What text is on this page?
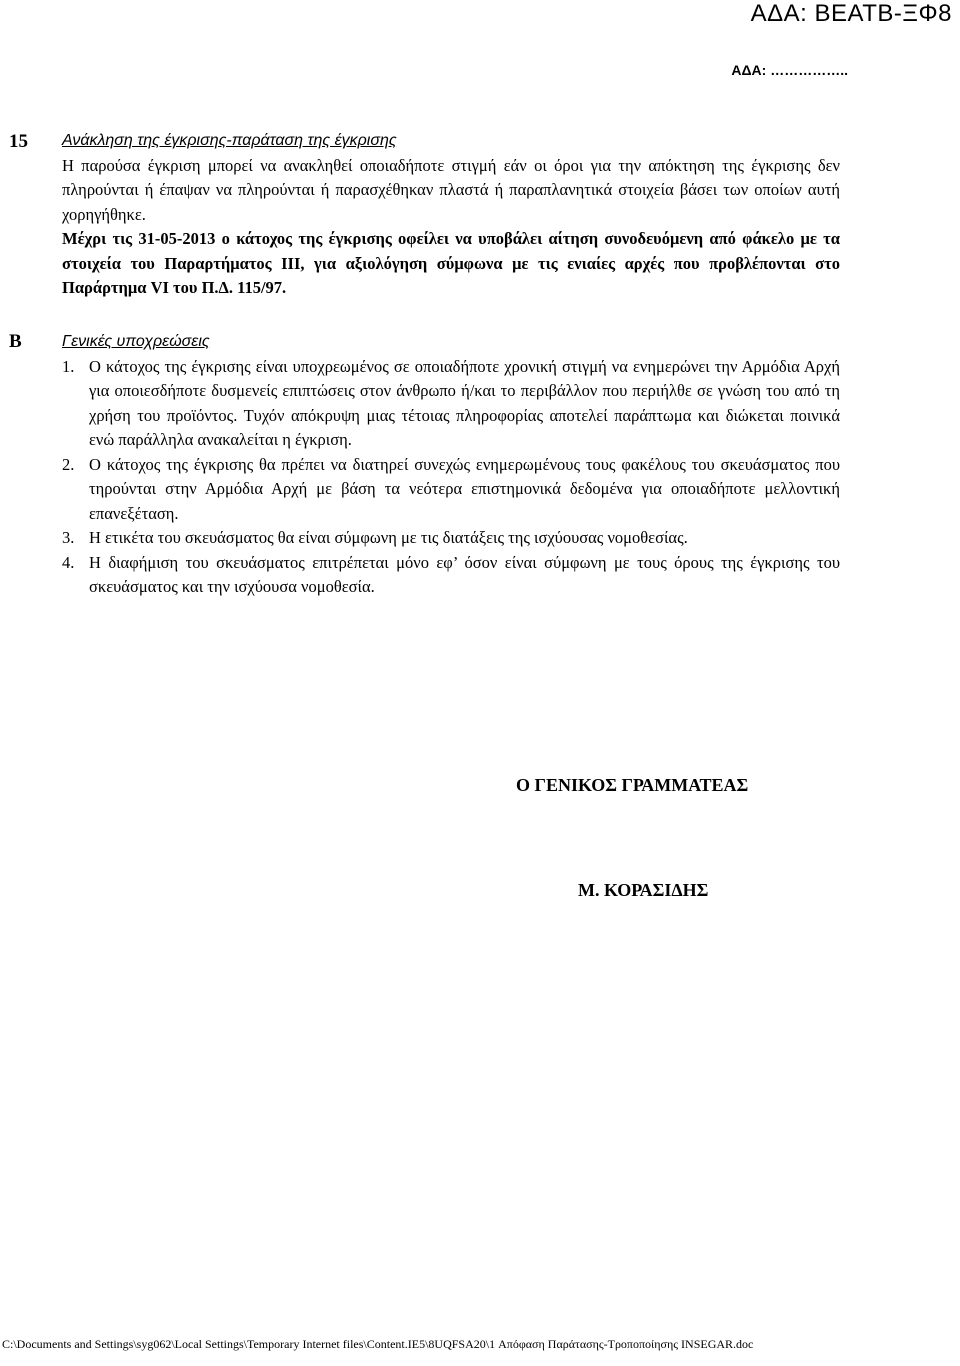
ΑΔΑ: ΒΕΑΤΒ-ΞΦ8
ΑΔΑ: ……………..
15 Ανάκληση της έγκρισης-παράταση της έγκρισης

Η παρούσα έγκριση μπορεί να ανακληθεί οποιαδήποτε στιγμή εάν οι όροι για την απόκτηση της έγκρισης δεν πληρούνται ή έπαψαν να πληρούνται ή παρασχέθηκαν πλαστά ή παραπλανητικά στοιχεία βάσει των οποίων αυτή χορηγήθηκε.

Μέχρι τις 31-05-2013 ο κάτοχος της έγκρισης οφείλει να υποβάλει αίτηση συνοδευόμενη από φάκελο με τα στοιχεία του Παραρτήματος ΙΙΙ, για αξιολόγηση σύμφωνα με τις ενιαίες αρχές που προβλέπονται στο Παράρτημα VI του Π.Δ. 115/97.

Β	Γενικές υποχρεώσεις
1. Ο κάτοχος της έγκρισης είναι υποχρεωμένος σε οποιαδήποτε χρονική στιγμή να ενημερώνει την Αρμόδια Αρχή για οποιεσδήποτε δυσμενείς επιπτώσεις στον άνθρωπο ή/και το περιβάλλον που περιήλθε σε γνώση του από τη χρήση του προϊόντος. Τυχόν απόκρυψη μιας τέτοιας πληροφορίας αποτελεί παράπτωμα και διώκεται ποινικά ενώ παράλληλα ανακαλείται η έγκριση.
2. Ο κάτοχος της έγκρισης θα πρέπει να διατηρεί συνεχώς ενημερωμένους τους φακέλους του σκευάσματος που τηρούνται στην Αρμόδια Αρχή με βάση τα νεότερα επιστημονικά δεδομένα για οποιαδήποτε μελλοντική επανεξέταση.
3. Η ετικέτα του σκευάσματος θα είναι σύμφωνη με τις διατάξεις της ισχύουσας νομοθεσίας.
4. Η διαφήμιση του σκευάσματος επιτρέπεται μόνο εφ’ όσον είναι σύμφωνη με τους όρους της έγκρισης του σκευάσματος και την ισχύουσα νομοθεσία.
Ο ΓΕΝΙΚΟΣ ΓΡΑΜΜΑΤΕΑΣ
Μ. ΚΟΡΑΣΙΔΗΣ
C:\Documents and Settings\syg062\Local Settings\Temporary Internet files\Content.IE5\8UQFSA20\1 Απόφαση Παράτασης-Τροποποίησης INSEGAR.doc
